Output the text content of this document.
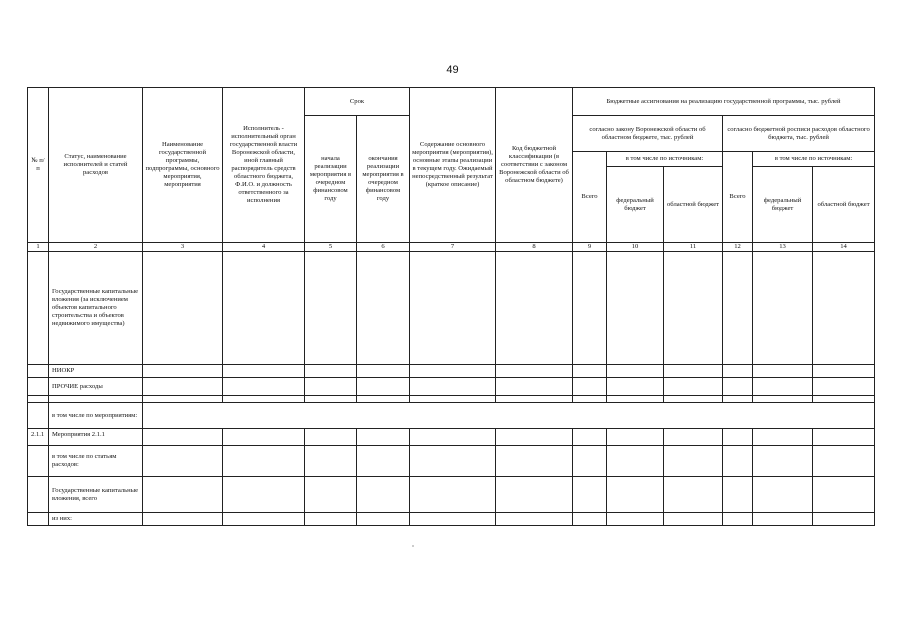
49
№ п/п	Статус, наименование исполнителей и статей расходов	Наименование государственной программы, подпрограммы, основного мероприятия, мероприятия	Исполнитель - исполнительный орган государственной власти Воронежской области, иной главный распорядитель средств областного бюджета, Ф.И.О. и должность ответственного за исполнения	Срок		Содержание основного мероприятия (мероприятия), основные этапы реализации в текущем году. Ожидаемый непосредственный результат (краткое описание)	Код бюджетной классификации (в соответствии с законом Воронежской области об областном бюджете)	Бюджетные ассигнования на реализацию государственной программы, тыс. рублей					
				начала реализации мероприятия в очередном финансовом году	окончания реализации мероприятия в очередном финансовом году			согласно закону Воронежской области об областном бюджете, тыс. рублей			согласно бюджетной росписи расходов областного бюджета, тыс. рублей		
								Всего	в том числе по источникам:		Всего	в том числе по источникам:	
									федеральный бюджет	областной бюджет		федеральный бюджет	областной бюджет
1	2	3	4	5	6	7	8	9	10	11	12	13	14
	Государственные капитальные вложения (за исключением объектов капитального строительства и объектов недвижимого имущества)												
	НИОКР												
	ПРОЧИЕ расходы												

	в том числе по мероприятиям:												
2.1.1	Мероприятия 2.1.1												
	в том числе по статьям расходов:												
	Государственные капитальные вложения, всего												
	из них:												
